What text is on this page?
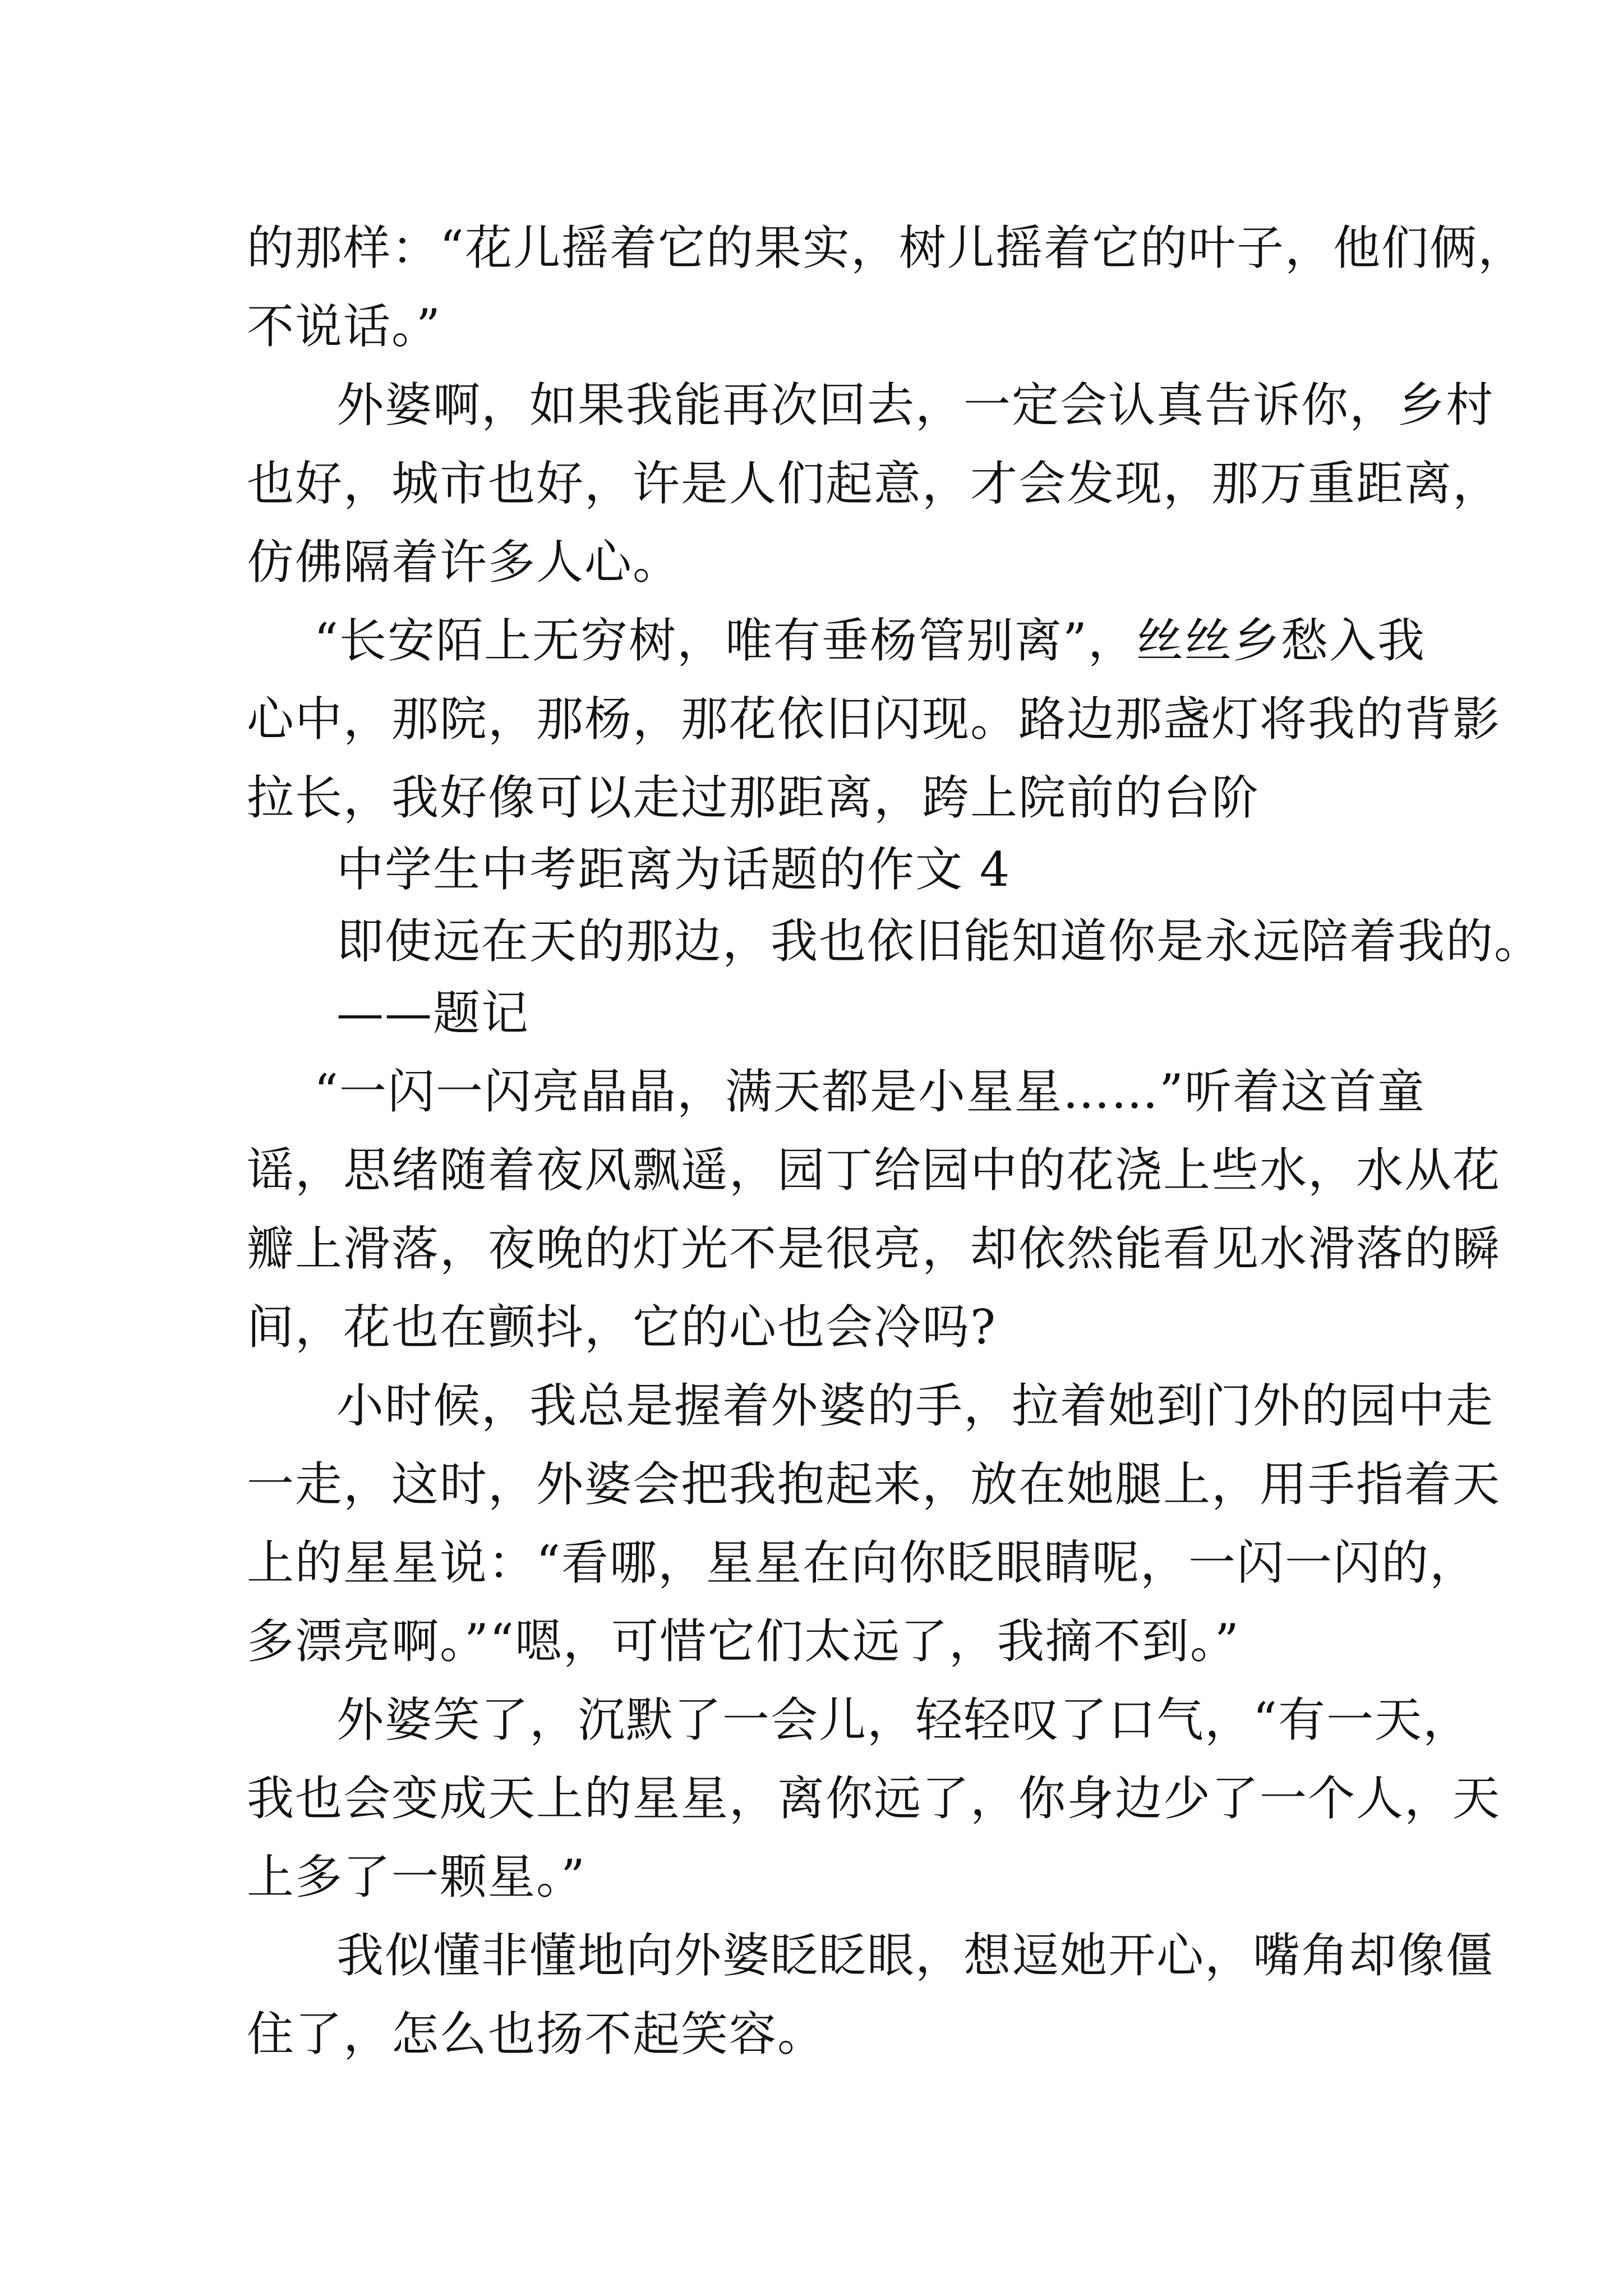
的那样：“花儿摇着它的果实，树儿摇着它的叶子，他们俩，
不说话。”
外婆啊，如果我能再次回去，一定会认真告诉你，乡村
也好，城市也好，许是人们起意，才会发现，那万重距离，
仿佛隔着许多人心。
“长安陌上无穷树，唯有垂杨管别离”，丝丝乡愁入我
心中，那院，那杨，那花依旧闪现。路边那盏灯将我的背影
拉长，我好像可以走过那距离，跨上院前的台阶
中学生中考距离为话题的作文 4
即使远在天的那边，我也依旧能知道你是永远陪着我的。
——题记
“一闪一闪亮晶晶，满天都是小星星……”听着这首童
谣，思绪随着夜风飘遥，园丁给园中的花浇上些水，水从花
瓣上滑落，夜晚的灯光不是很亮，却依然能看见水滑落的瞬
间，花也在颤抖，它的心也会冷吗?
小时候，我总是握着外婆的手，拉着她到门外的园中走
一走，这时，外婆会把我抱起来，放在她腿上，用手指着天
上的星星说：“看哪，星星在向你眨眼睛呢，一闪一闪的，
多漂亮啊。”“嗯，可惜它们太远了，我摘不到。”
外婆笑了，沉默了一会儿，轻轻叹了口气，“有一天，
我也会变成天上的星星，离你远了，你身边少了一个人，天
上多了一颗星。”
我似懂非懂地向外婆眨眨眼，想逗她开心，嘴角却像僵
住了，怎么也扬不起笑容。
